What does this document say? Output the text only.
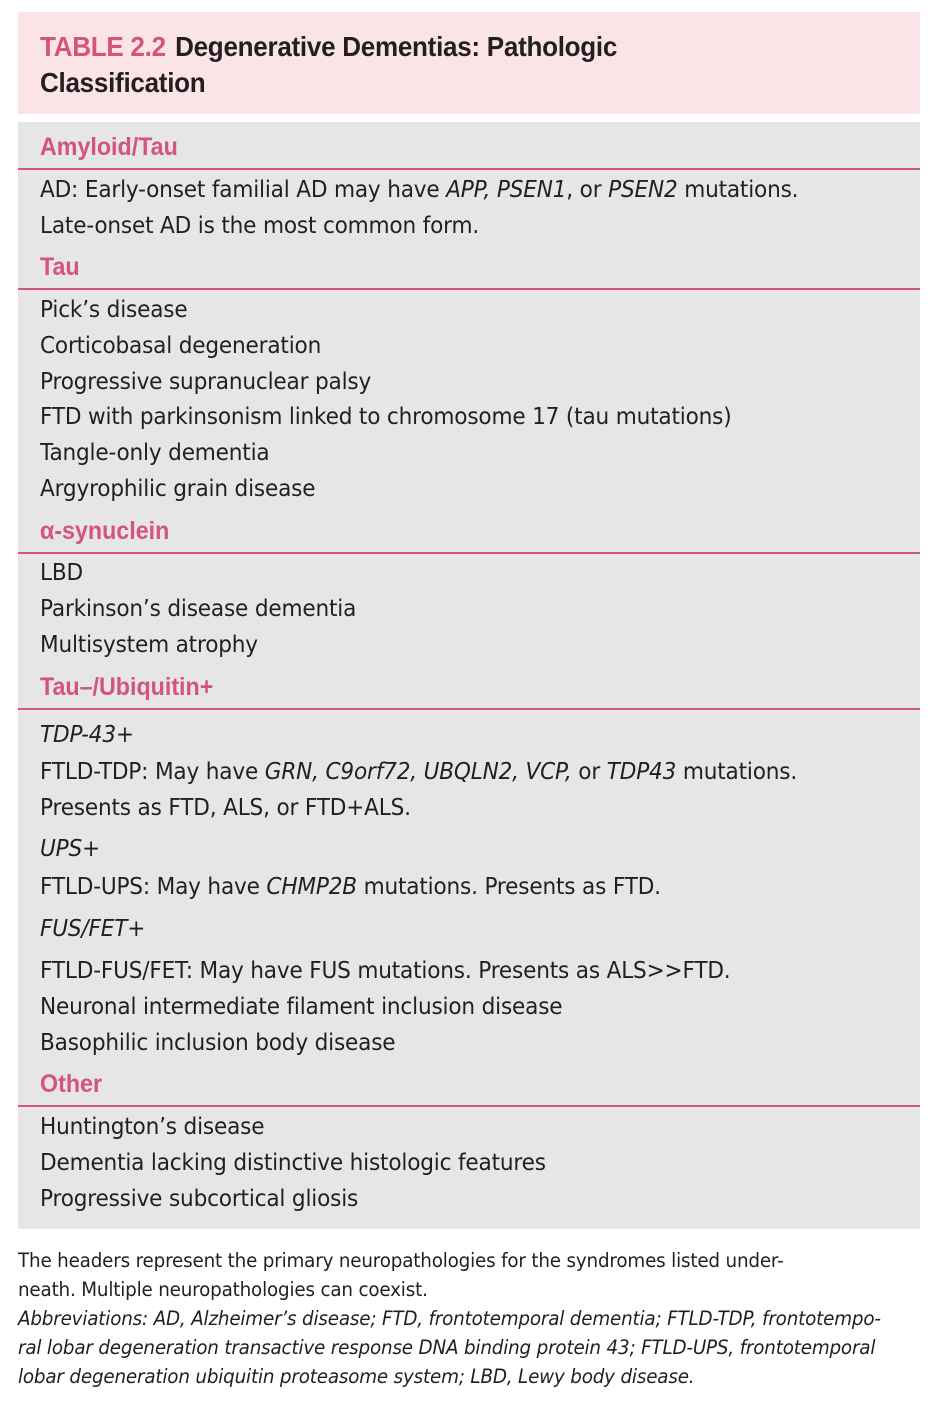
TABLE 2.2 Degenerative Dementias: Pathologic
Classification
Amyloid/Tau
AD: Early-onset familial AD may have APP, PSEN1, or PSEN2 mutations.
Late-onset AD is the most common form.
Tau
Pick’s disease
Corticobasal degeneration
Progressive supranuclear palsy
FTD with parkinsonism linked to chromosome 17 (tau mutations)
Tangle-only dementia
Argyrophilic grain disease
α-synuclein
LBD
Parkinson’s disease dementia
Multisystem atrophy
Tau–/Ubiquitin+
TDP-43+
FTLD-TDP: May have GRN, C9orf72, UBQLN2, VCP, or TDP43 mutations.
Presents as FTD, ALS, or FTD+ALS.
UPS+
FTLD-UPS: May have CHMP2B mutations. Presents as FTD.
FUS/FET+
FTLD-FUS/FET: May have FUS mutations. Presents as ALS>>FTD.
Neuronal intermediate filament inclusion disease
Basophilic inclusion body disease
Other
Huntington’s disease
Dementia lacking distinctive histologic features
Progressive subcortical gliosis
The headers represent the primary neuropathologies for the syndromes listed under-
neath. Multiple neuropathologies can coexist.
Abbreviations: AD, Alzheimer’s disease; FTD, frontotemporal dementia; FTLD-TDP, frontotempo-
ral lobar degeneration transactive response DNA binding protein 43; FTLD-UPS, frontotemporal
lobar degeneration ubiquitin proteasome system; LBD, Lewy body disease.
